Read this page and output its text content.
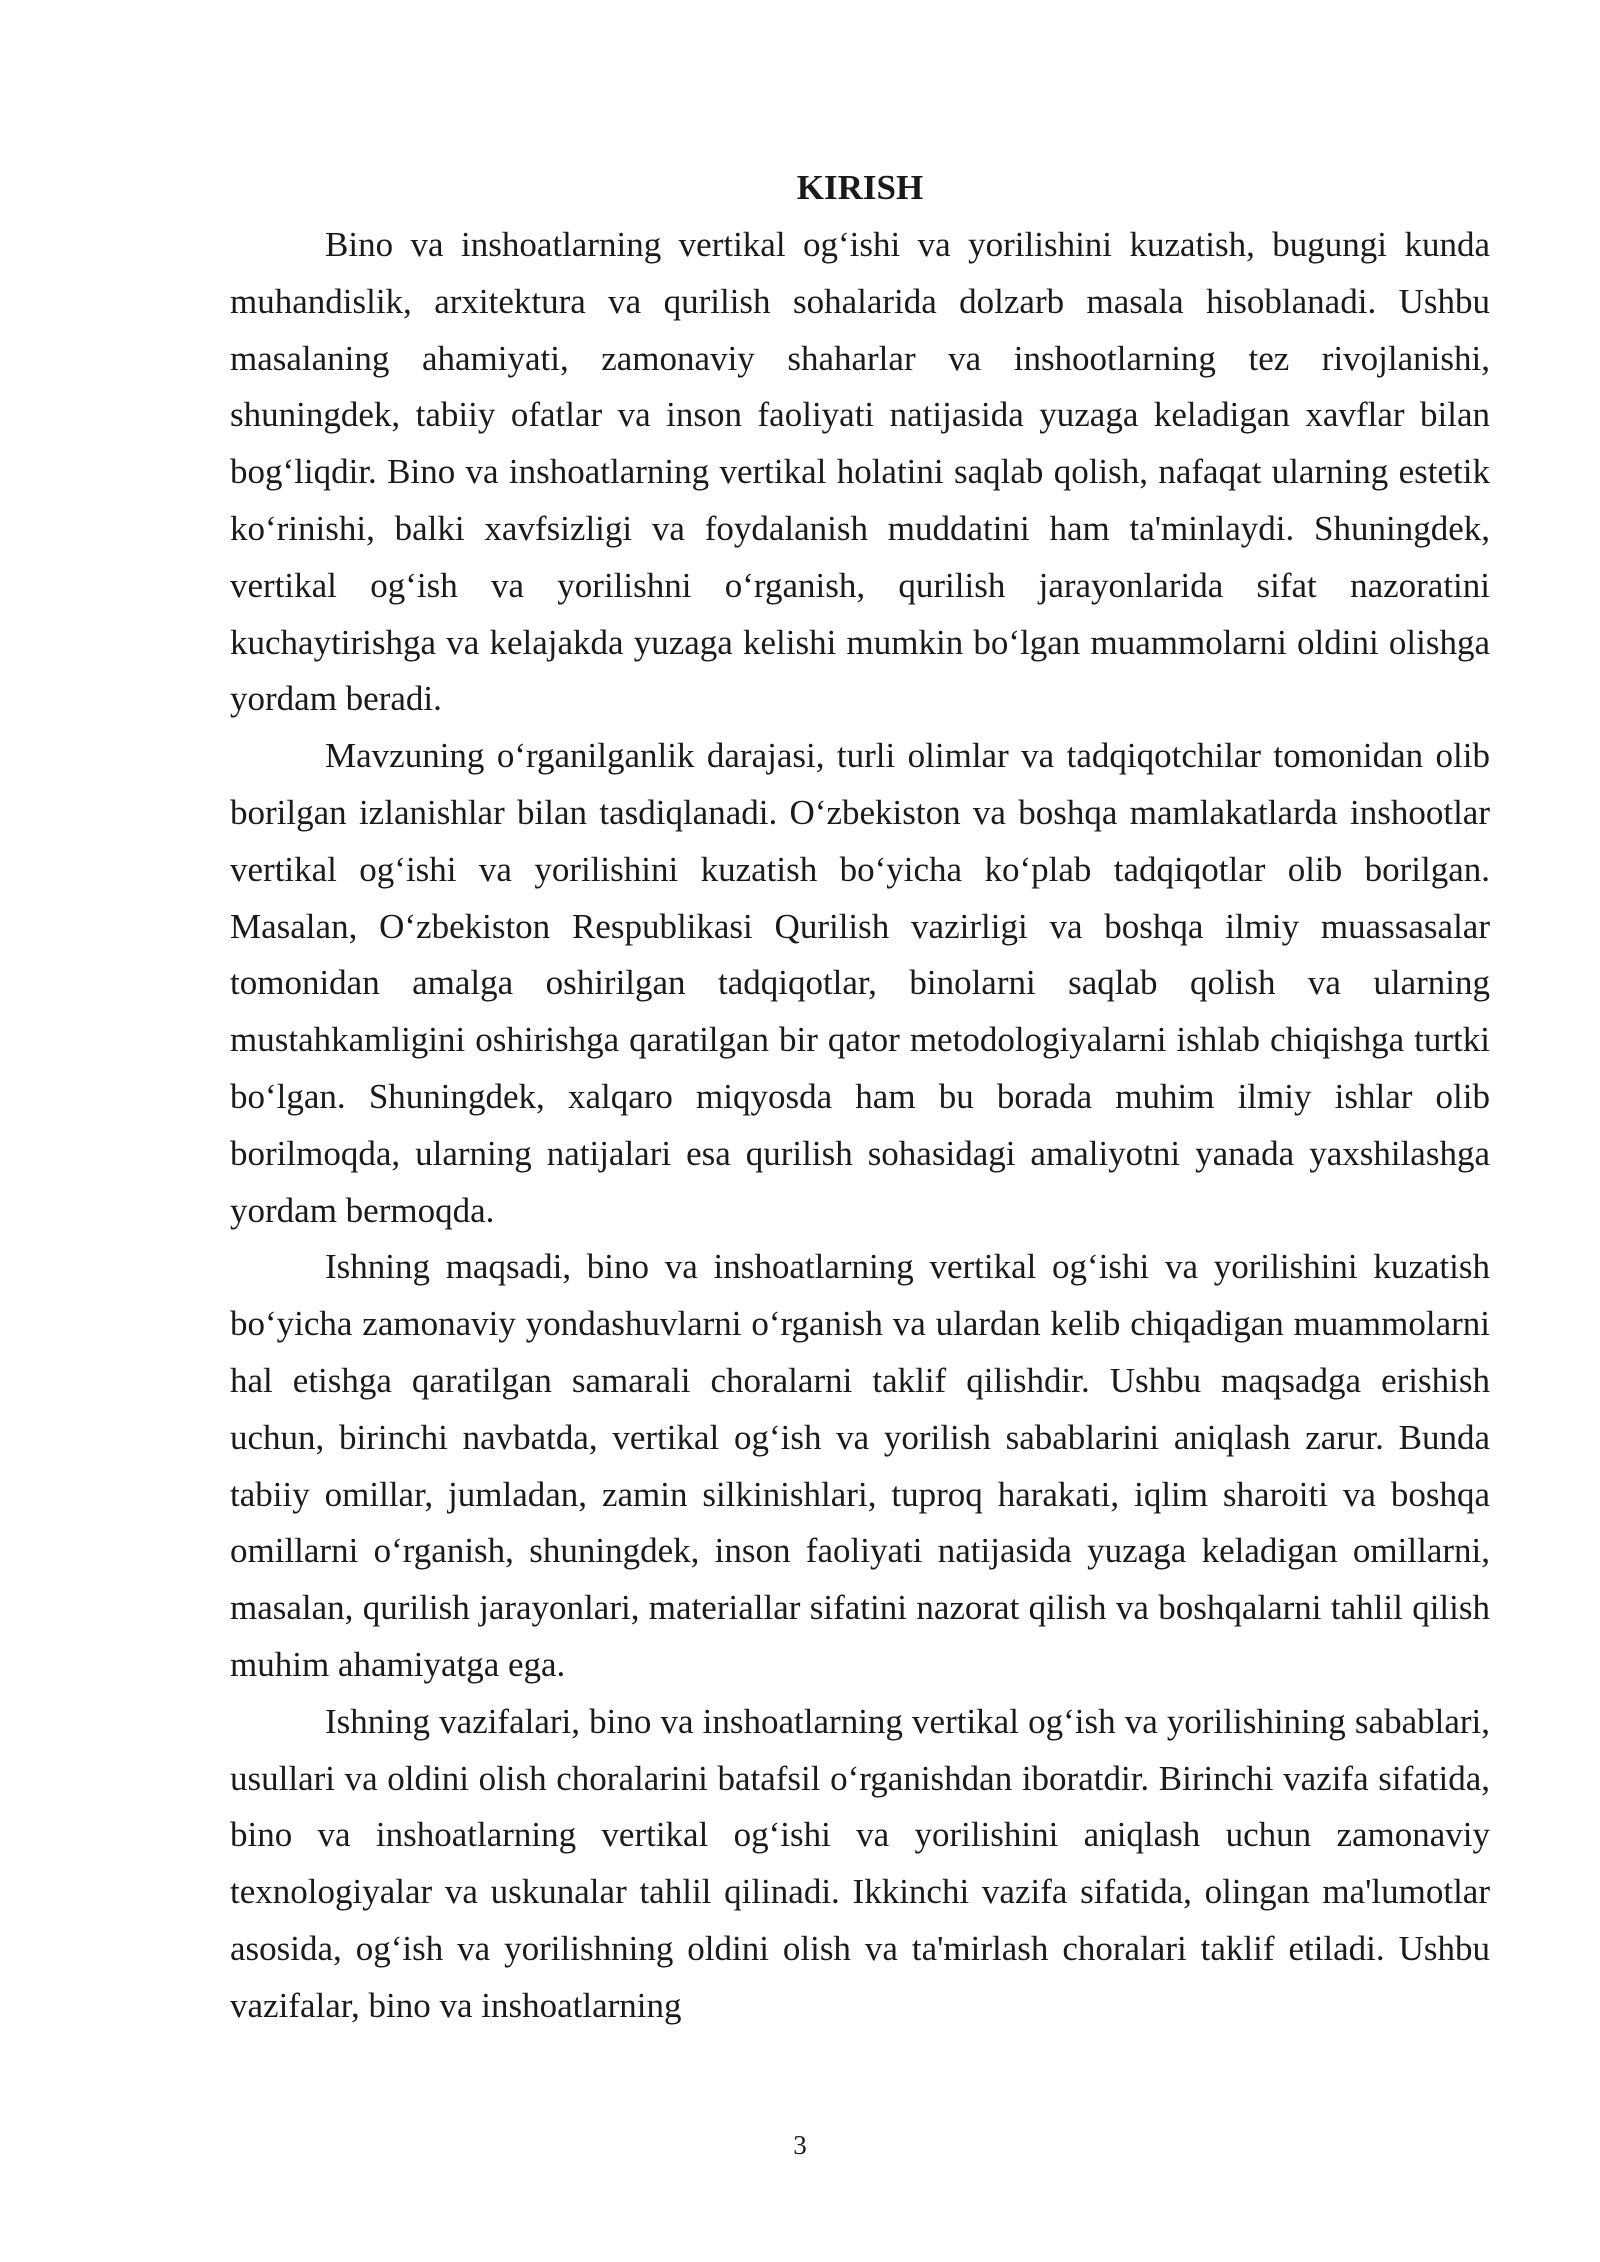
KIRISH

Bino va inshoatlarning vertikal og‘ishi va yorilishini kuzatish, bugungi kunda muhandislik, arxitektura va qurilish sohalarida dolzarb masala hisoblanadi. Ushbu masalaning ahamiyati, zamonaviy shaharlar va inshootlarning tez rivojlanishi, shuningdek, tabiiy ofatlar va inson faoliyati natijasida yuzaga keladigan xavflar bilan bog‘liqdir. Bino va inshoatlarning vertikal holatini saqlab qolish, nafaqat ularning estetik ko‘rinishi, balki xavfsizligi va foydalanish muddatini ham ta'minlaydi. Shuningdek, vertikal og‘ish va yorilishni o‘rganish, qurilish jarayonlarida sifat nazoratini kuchaytirishga va kelajakda yuzaga kelishi mumkin bo‘lgan muammolarni oldini olishga yordam beradi.

Mavzuning o‘rganilganlik darajasi, turli olimlar va tadqiqotchilar tomonidan olib borilgan izlanishlar bilan tasdiqlanadi. O‘zbekiston va boshqa mamlakatlarda inshootlar vertikal og‘ishi va yorilishini kuzatish bo‘yicha ko‘plab tadqiqotlar olib borilgan. Masalan, O‘zbekiston Respublikasi Qurilish vazirligi va boshqa ilmiy muassasalar tomonidan amalga oshirilgan tadqiqotlar, binolarni saqlab qolish va ularning mustahkamligini oshirishga qaratilgan bir qator metodologiyalarni ishlab chiqishga turtki bo‘lgan. Shuningdek, xalqaro miqyosda ham bu borada muhim ilmiy ishlar olib borilmoqda, ularning natijalari esa qurilish sohasidagi amaliyotni yanada yaxshilashga yordam bermoqda.

Ishning maqsadi, bino va inshoatlarning vertikal og‘ishi va yorilishini kuzatish bo‘yicha zamonaviy yondashuvlarni o‘rganish va ulardan kelib chiqadigan muammolarni hal etishga qaratilgan samarali choralarni taklif qilishdir. Ushbu maqsadga erishish uchun, birinchi navbatda, vertikal og‘ish va yorilish sabablarini aniqlash zarur. Bunda tabiiy omillar, jumladan, zamin silkinishlari, tuproq harakati, iqlim sharoiti va boshqa omillarni o‘rganish, shuningdek, inson faoliyati natijasida yuzaga keladigan omillarni, masalan, qurilish jarayonlari, materiallar sifatini nazorat qilish va boshqalarni tahlil qilish muhim ahamiyatga ega.

Ishning vazifalari, bino va inshoatlarning vertikal og‘ish va yorilishining sabablari, usullari va oldini olish choralarini batafsil o‘rganishdan iboratdir. Birinchi vazifa sifatida, bino va inshoatlarning vertikal og‘ishi va yorilishini aniqlash uchun zamonaviy texnologiyalar va uskunalar tahlil qilinadi. Ikkinchi vazifa sifatida, olingan ma'lumotlar asosida, og‘ish va yorilishning oldini olish va ta'mirlash choralari taklif etiladi. Ushbu vazifalar, bino va inshoatlarning

3
